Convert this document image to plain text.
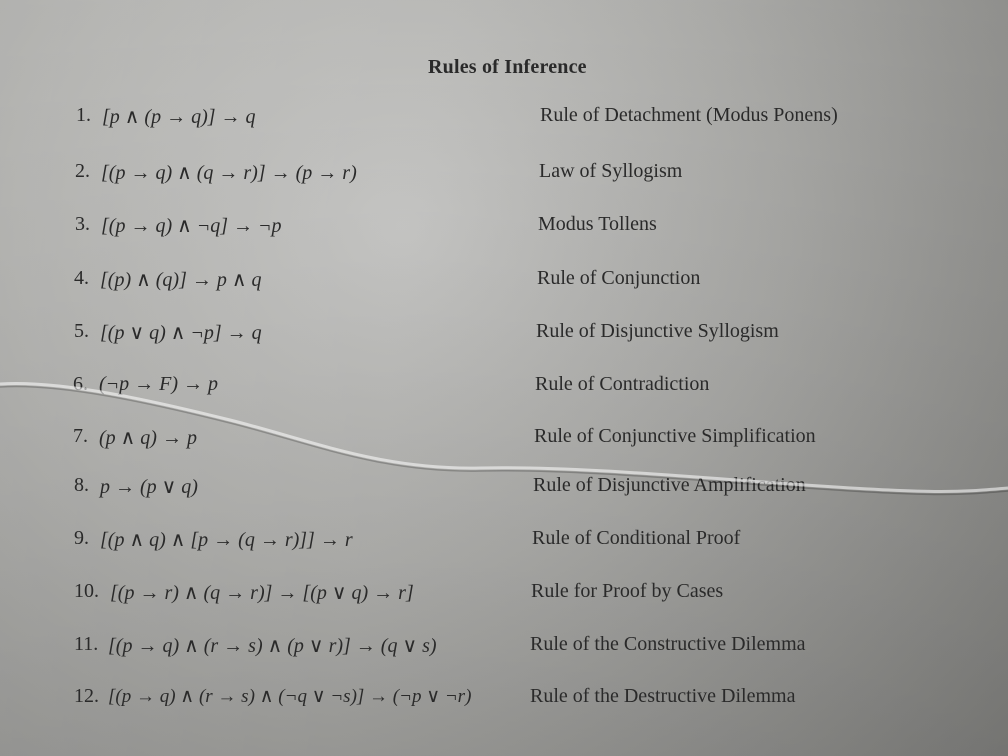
Rules of Inference
1. [p ∧ (p → q)] → q	Rule of Detachment (Modus Ponens)
2. [(p → q) ∧ (q → r)] → (p → r)	Law of Syllogism
3. [(p → q) ∧ ¬q] → ¬p	Modus Tollens
4. [(p) ∧ (q)] → p ∧ q	Rule of Conjunction
5. [(p ∨ q) ∧ ¬p] → q	Rule of Disjunctive Syllogism
6. (¬p → F) → p	Rule of Contradiction
7. (p ∧ q) → p	Rule of Conjunctive Simplification
8. p → (p ∨ q)	Rule of Disjunctive Amplification
9. [(p ∧ q) ∧ [p → (q → r)]] → r	Rule of Conditional Proof
10. [(p → r) ∧ (q → r)] → [(p ∨ q) → r]	Rule for Proof by Cases
11. [(p → q) ∧ (r → s) ∧ (p ∨ r)] → (q ∨ s)	Rule of the Constructive Dilemma
12. [(p → q) ∧ (r → s) ∧ (¬q ∨ ¬s)] → (¬p ∨ ¬r)	Rule of the Destructive Dilemma
